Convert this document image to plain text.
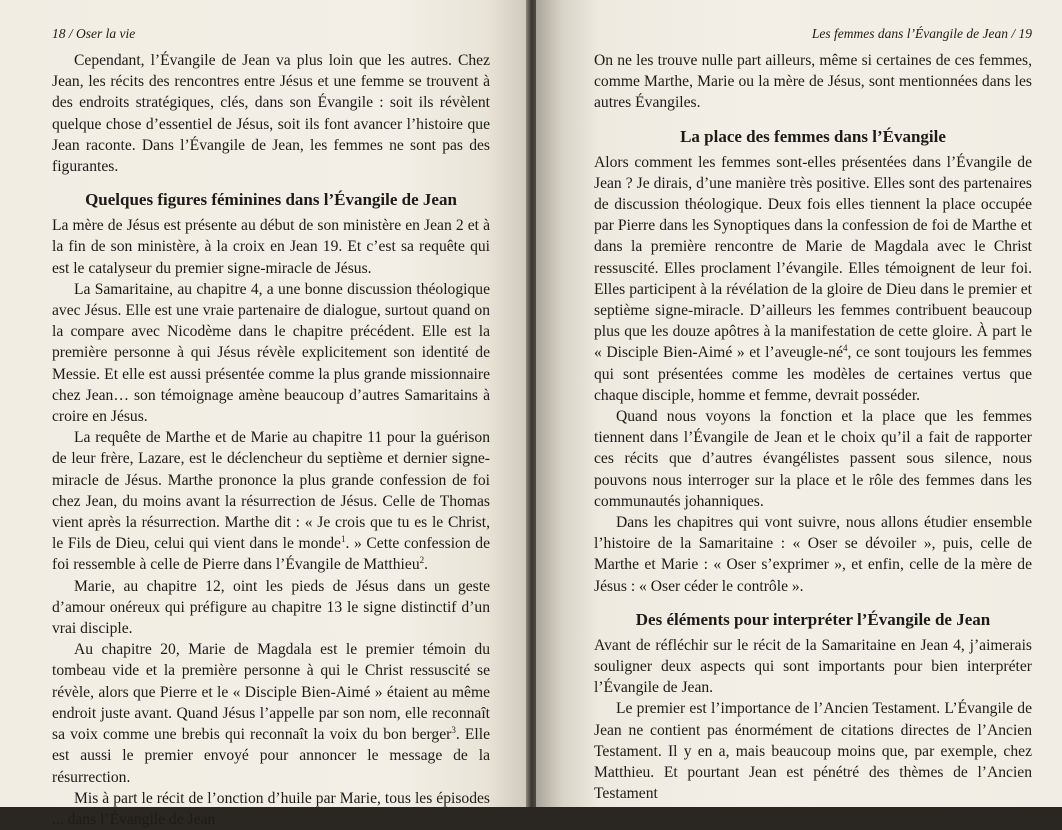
18 / Oser la vie

Cependant, l’Évangile de Jean va plus loin que les autres. Chez Jean, les récits des rencontres entre Jésus et une femme se trouvent à des endroits stratégiques, clés, dans son Évangile : soit ils révèlent quelque chose d’essentiel de Jésus, soit ils font avancer l’histoire que Jean raconte. Dans l’Évangile de Jean, les femmes ne sont pas des figurantes.

Quelques figures féminines dans l’Évangile de Jean

La mère de Jésus est présente au début de son ministère en Jean 2 et à la fin de son ministère, à la croix en Jean 19. Et c’est sa requête qui est le catalyseur du premier signe-miracle de Jésus.

La Samaritaine, au chapitre 4, a une bonne discussion théologique avec Jésus. Elle est une vraie partenaire de dialogue, surtout quand on la compare avec Nicodème dans le chapitre précédent. Elle est la première personne à qui Jésus révèle explicitement son identité de Messie. Et elle est aussi présentée comme la plus grande missionnaire chez Jean… son témoignage amène beaucoup d’autres Samaritains à croire en Jésus.

La requête de Marthe et de Marie au chapitre 11 pour la guérison de leur frère, Lazare, est le déclencheur du septième et dernier signe-miracle de Jésus. Marthe prononce la plus grande confession de foi chez Jean, du moins avant la résurrection de Jésus. Celle de Thomas vient après la résurrection. Marthe dit : « Je crois que tu es le Christ, le Fils de Dieu, celui qui vient dans le monde$^1$. » Cette confession de foi ressemble à celle de Pierre dans l’Évangile de Matthieu$^2$.

Marie, au chapitre 12, oint les pieds de Jésus dans un geste d’amour onéreux qui préfigure au chapitre 13 le signe distinctif d’un vrai disciple.

Au chapitre 20, Marie de Magdala est le premier témoin du tombeau vide et la première personne à qui le Christ ressuscité se révèle, alors que Pierre et le « Disciple Bien-Aimé » étaient au même endroit juste avant. Quand Jésus l’appelle par son nom, elle reconnaît sa voix comme une brebis qui reconnaît la voix du bon berger$^3$. Elle est aussi le premier envoyé pour annoncer le message de la résurrection.

Mis à part le récit de l’onction d’huile par Marie, tous les épisodes ... dans l’Évangile de Jean

Les femmes dans l’Évangile de Jean / 19

On ne les trouve nulle part ailleurs, même si certaines de ces femmes, comme Marthe, Marie ou la mère de Jésus, sont mentionnées dans les autres Évangiles.

La place des femmes dans l’Évangile

Alors comment les femmes sont-elles présentées dans l’Évangile de Jean ? Je dirais, d’une manière très positive. Elles sont des partenaires de discussion théologique. Deux fois elles tiennent la place occupée par Pierre dans les Synoptiques dans la confession de foi de Marthe et dans la première rencontre de Marie de Magdala avec le Christ ressuscité. Elles proclament l’évangile. Elles témoignent de leur foi. Elles participent à la révélation de la gloire de Dieu dans le premier et septième signe-miracle. D’ailleurs les femmes contribuent beaucoup plus que les douze apôtres à la manifestation de cette gloire. À part le « Disciple Bien-Aimé » et $l’aveugle-né^4$, ce sont toujours les femmes qui sont présentées comme les modèles de certaines vertus que chaque disciple, homme et femme, devrait posséder.

Quand nous voyons la fonction et la place que les femmes tiennent dans l’Évangile de Jean et le choix qu’il a fait de rapporter ces récits que d’autres évangélistes passent sous silence, nous pouvons nous interroger sur la place et le rôle des femmes dans les communautés johanniques.

Dans les chapitres qui vont suivre, nous allons étudier ensemble l’histoire de la Samaritaine : « Oser se dévoiler », puis, celle de Marthe et Marie : « Oser s’exprimer », et enfin, celle de la mère de Jésus : « Oser céder le contrôle ».

Des éléments pour interpréter l’Évangile de Jean

Avant de réfléchir sur le récit de la Samaritaine en Jean 4, j’aimerais souligner deux aspects qui sont importants pour bien interpréter l’Évangile de Jean.

Le premier est l’importance de l’Ancien Testament. L’Évangile de Jean ne contient pas énormément de citations directes de l’Ancien Testament. Il y en a, mais beaucoup moins que, par exemple, chez Matthieu. Et pourtant Jean est pénétré des thèmes de l’Ancien Testament
